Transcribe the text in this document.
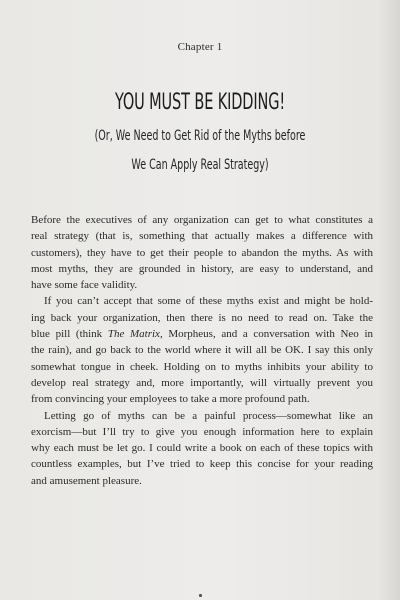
Chapter 1
YOU MUST BE KIDDING!
(Or, We Need to Get Rid of the Myths before
We Can Apply Real Strategy)

Before the executives of any organization can get to what constitutes a
real strategy (that is, something that actually makes a difference with
customers), they have to get their people to abandon the myths. As with
most myths, they are grounded in history, are easy to understand, and
have some face validity.

If you can’t accept that some of these myths exist and might be hold-
ing back your organization, then there is no need to read on. Take the
blue pill (think The Matrix, Morpheus, and a conversation with Neo in
the rain), and go back to the world where it will all be OK. I say this only
somewhat tongue in cheek. Holding on to myths inhibits your ability to
develop real strategy and, more importantly, will virtually prevent you
from convincing your employees to take a more profound path.

Letting go of myths can be a painful process—somewhat like an
exorcism—but I’ll try to give you enough information here to explain
why each must be let go. I could write a book on each of these topics with
countless examples, but I’ve tried to keep this concise for your reading
and amusement pleasure.
